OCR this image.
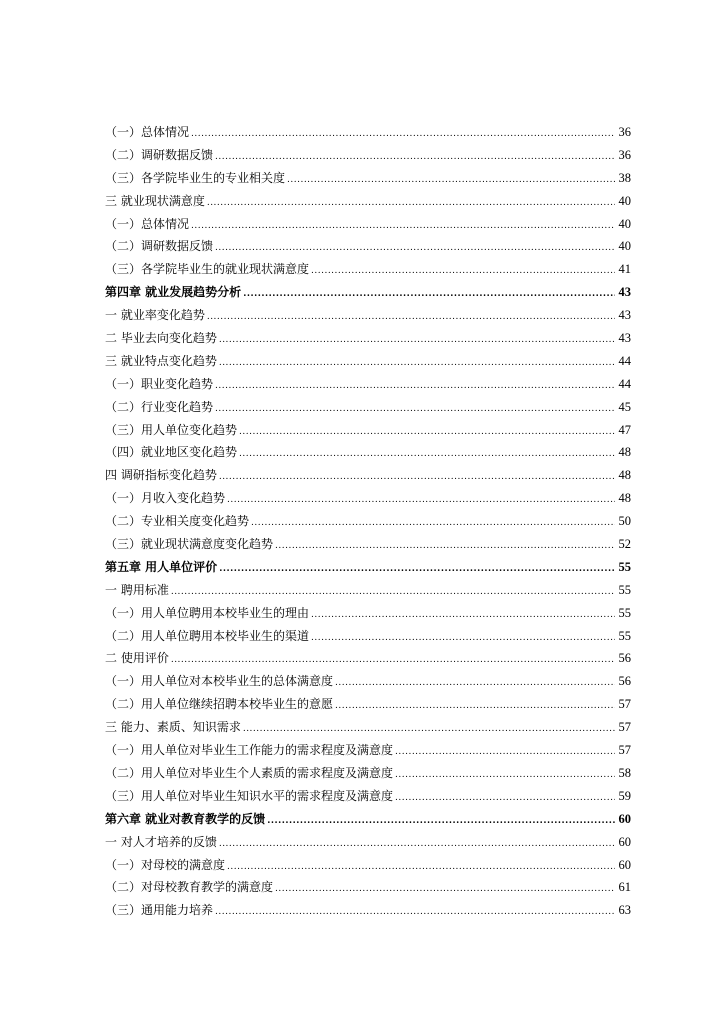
（一）总体情况 .....	36
（二）调研数据反馈 .....	36
（三）各学院毕业生的专业相关度 .....	38
三 就业现状满意度 .....	40
（一）总体情况 .....	40
（二）调研数据反馈 .....	40
（三）各学院毕业生的就业现状满意度 .....	41
第四章 就业发展趋势分析 .....	43
一 就业率变化趋势 .....	43
二 毕业去向变化趋势 .....	43
三 就业特点变化趋势 .....	44
（一）职业变化趋势 .....	44
（二）行业变化趋势 .....	45
（三）用人单位变化趋势 .....	47
（四）就业地区变化趋势 .....	48
四 调研指标变化趋势 .....	48
（一）月收入变化趋势 .....	48
（二）专业相关度变化趋势 .....	50
（三）就业现状满意度变化趋势 .....	52
第五章 用人单位评价 .....	55
一 聘用标准 .....	55
（一）用人单位聘用本校毕业生的理由 .....	55
（二）用人单位聘用本校毕业生的渠道 .....	55
二 使用评价 .....	56
（一）用人单位对本校毕业生的总体满意度 .....	56
（二）用人单位继续招聘本校毕业生的意愿 .....	57
三 能力、素质、知识需求 .....	57
（一）用人单位对毕业生工作能力的需求程度及满意度 .....	57
（二）用人单位对毕业生个人素质的需求程度及满意度 .....	58
（三）用人单位对毕业生知识水平的需求程度及满意度 .....	59
第六章 就业对教育教学的反馈 .....	60
一 对人才培养的反馈 .....	60
（一）对母校的满意度 .....	60
（二）对母校教育教学的满意度 .....	61
（三）通用能力培养 .....	63
